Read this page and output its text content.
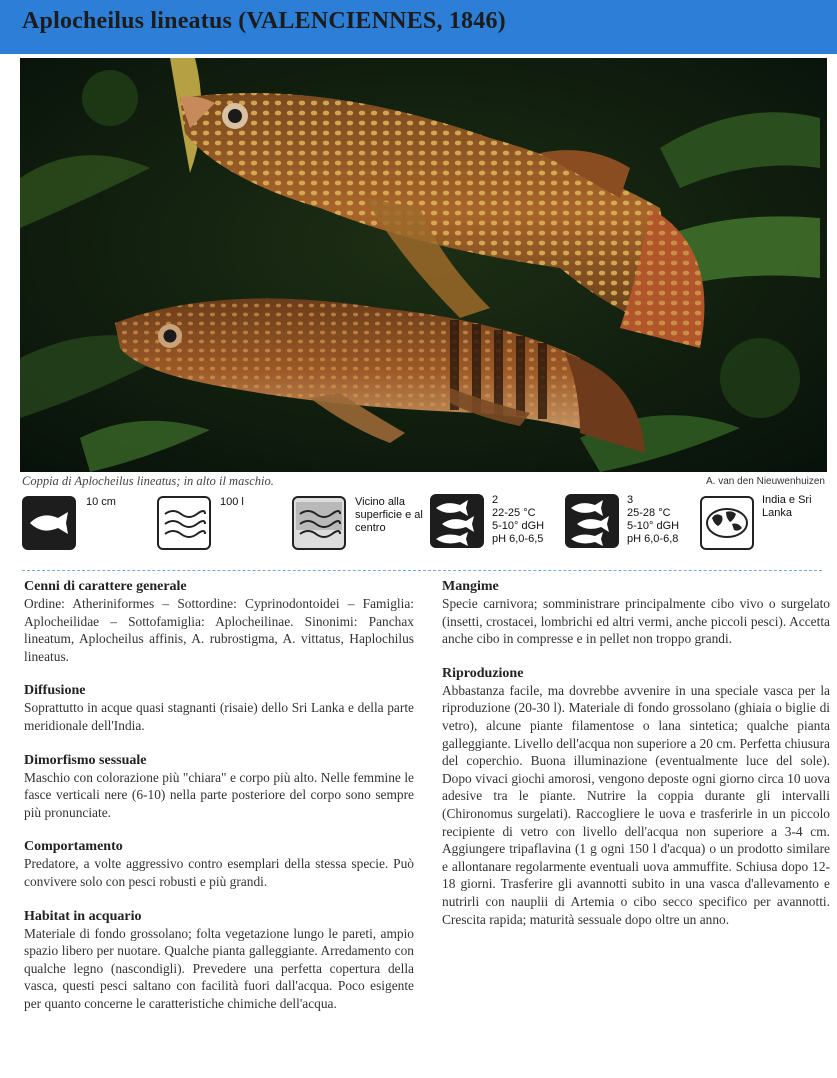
Aplocheilus lineatus (VALENCIENNES, 1846)
Coppia di Aplocheilus lineatus; in alto il maschio.	A. van den Nieuwenhuizen
10 cm	100 l	Vicino alla superficie e al centro
2
22-25 °C
5-10° dGH
pH 6,0-6,5
3
25-28 °C
5-10° dGH
pH 6,0-6,8
India e Sri Lanka
Cenni di carattere generale

Ordine: Atheriniformes – Sottordine: Cyprinodontoidei – Famiglia: Aplocheilidae – Sottofamiglia: Aplocheilinae. Sinonimi: Panchax lineatum, Aplocheilus affinis, A. rubrostigma, A. vittatus, Haplochilus lineatus.

Diffusione

Soprattutto in acque quasi stagnanti (risaie) dello Sri Lanka e della parte meridionale dell'India.

Dimorfismo sessuale

Maschio con colorazione più "chiara" e corpo più alto. Nelle femmine le fasce verticali nere (6-10) nella parte posteriore del corpo sono sempre più pronunciate.

Comportamento

Predatore, a volte aggressivo contro esemplari della stessa specie. Può convivere solo con pesci robusti e più grandi.

Habitat in acquario

Materiale di fondo grossolano; folta vegetazione lungo le pareti, ampio spazio libero per nuotare. Qualche pianta galleggiante. Arredamento con qualche legno (nascondigli). Prevedere una perfetta copertura della vasca, questi pesci saltano con facilità fuori dall'acqua. Poco esigente per quanto concerne le caratteristiche chimiche dell'acqua.

Mangime

Specie carnivora; somministrare principalmente cibo vivo o surgelato (insetti, crostacei, lombrichi ed altri vermi, anche piccoli pesci). Accetta anche cibo in compresse e in pellet non troppo grandi.

Riproduzione

Abbastanza facile, ma dovrebbe avvenire in una speciale vasca per la riproduzione (20-30 l). Materiale di fondo grossolano (ghiaia o biglie di vetro), alcune piante filamentose o lana sintetica; qualche pianta galleggiante. Livello dell'acqua non superiore a 20 cm. Perfetta chiusura del coperchio. Buona illuminazione (eventualmente luce del sole). Dopo vivaci giochi amorosi, vengono deposte ogni giorno circa 10 uova adesive tra le piante. Nutrire la coppia durante gli intervalli (Chironomus surgelati). Raccogliere le uova e trasferirle in un piccolo recipiente di vetro con livello dell'acqua non superiore a 3-4 cm. Aggiungere tripaflavina (1 g ogni 150 l d'acqua) o un prodotto similare e allontanare regolarmente eventuali uova ammuffite. Schiusa dopo 12-18 giorni. Trasferire gli avannotti subito in una vasca d'allevamento e nutrirli con nauplii di Artemia o cibo secco specifico per avannotti. Crescita rapida; maturità sessuale dopo oltre un anno.
